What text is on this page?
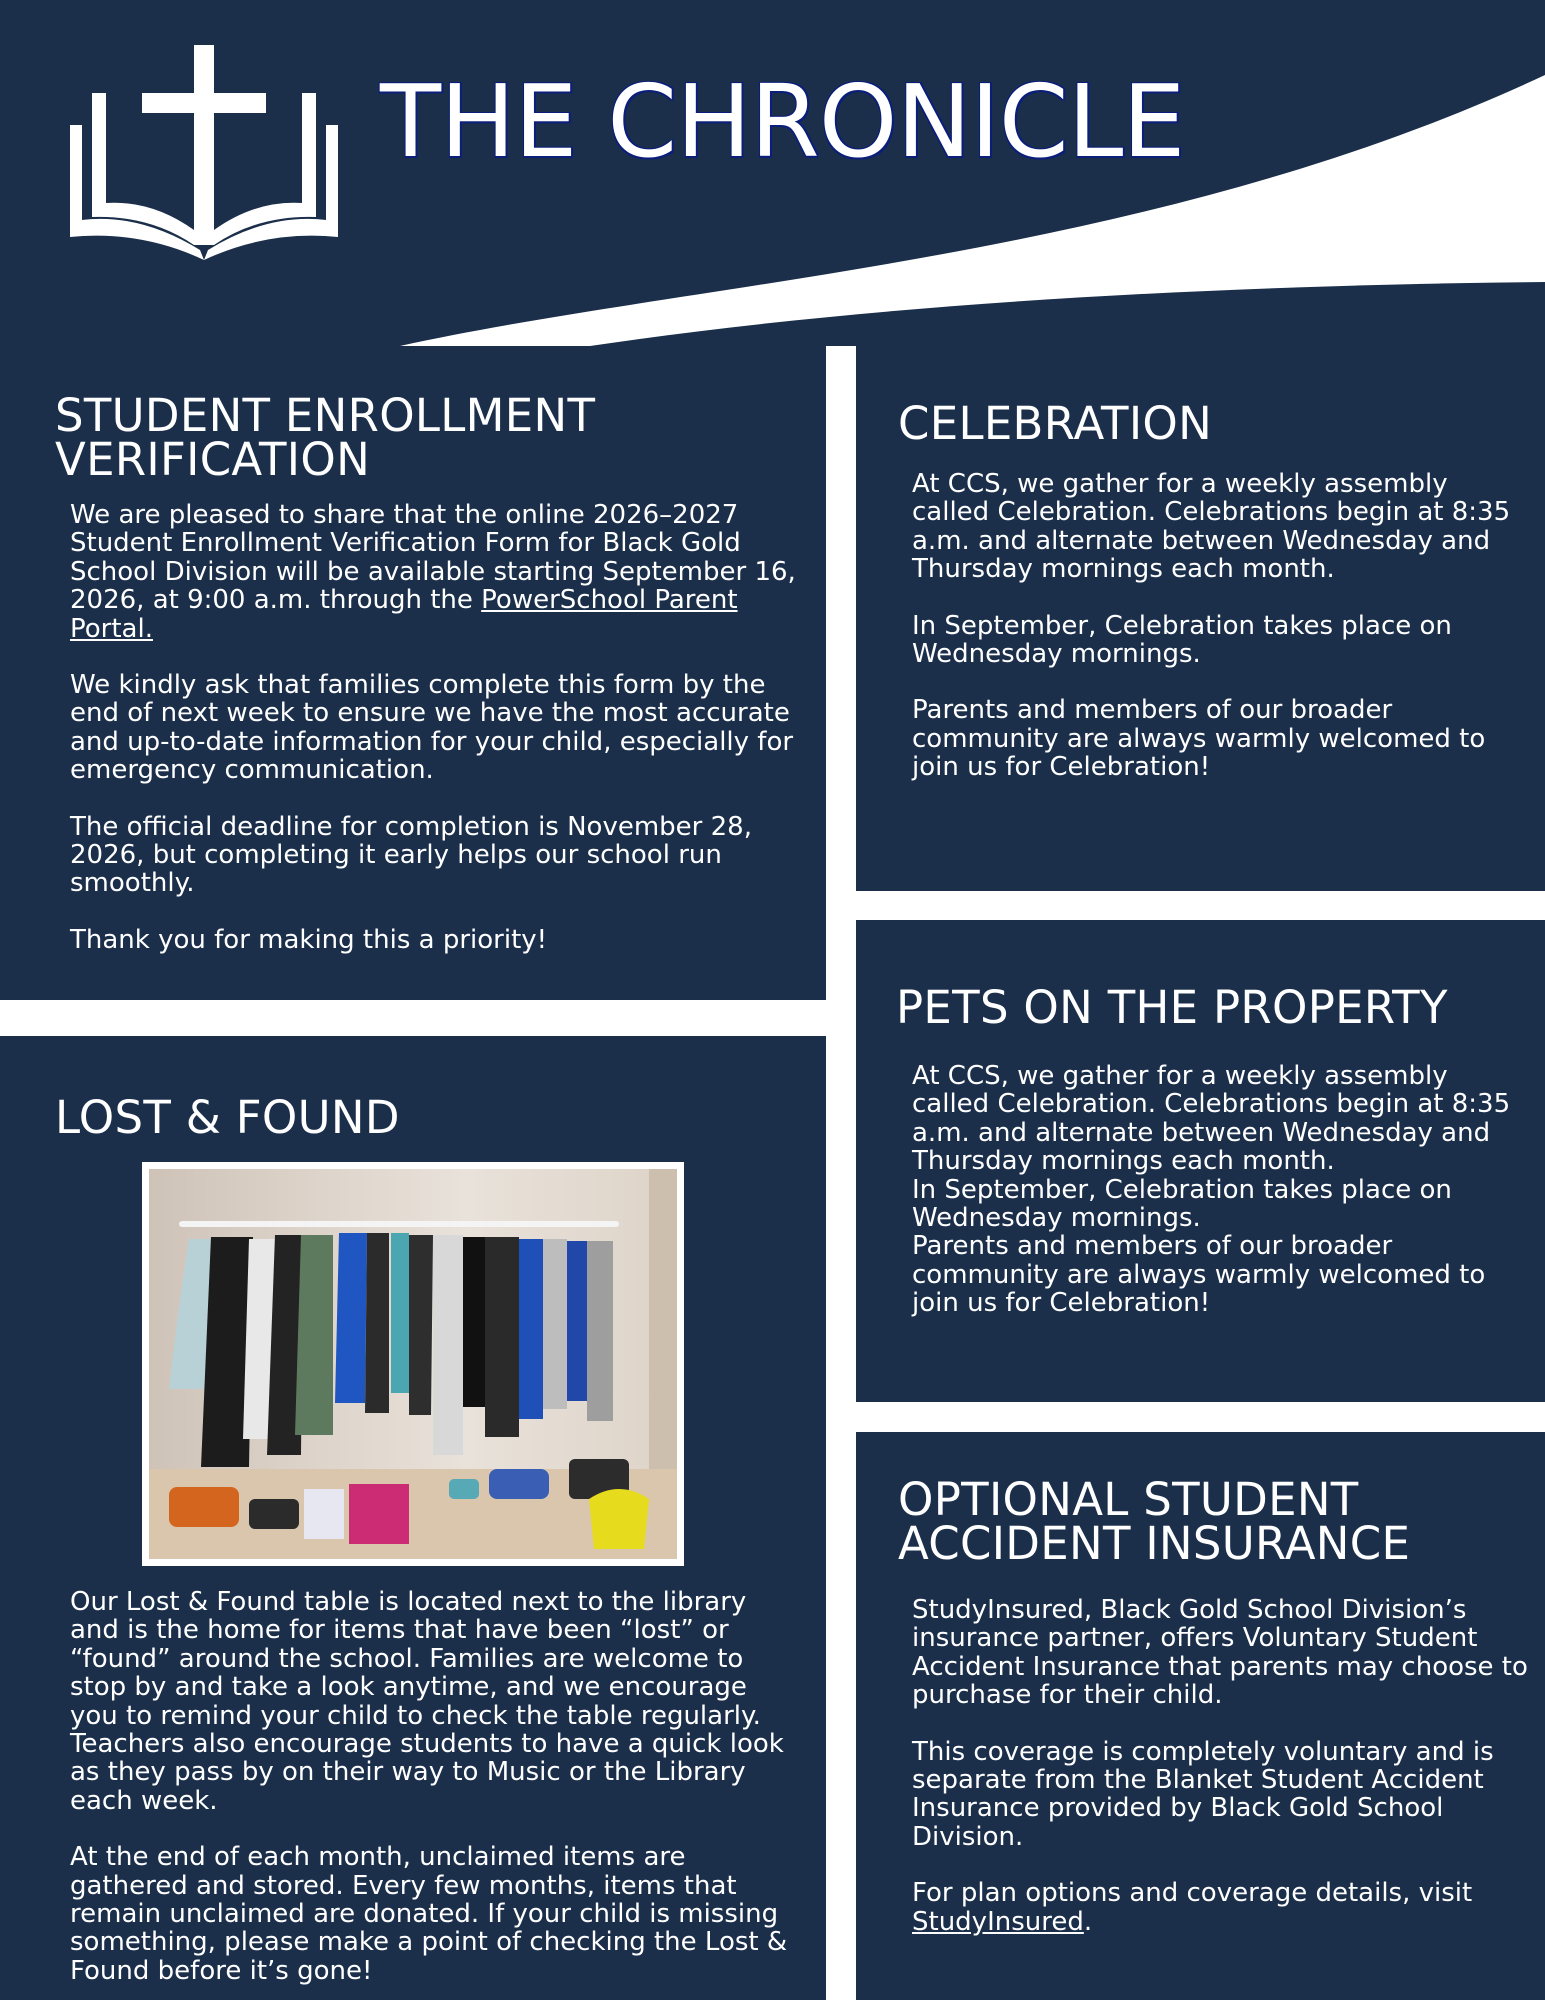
THE CHRONICLE
STUDENT ENROLLMENT VERIFICATION

We are pleased to share that the online 2026–2027 Student Enrollment Verification Form for Black Gold School Division will be available starting September 16, 2026, at 9:00 a.m. through the PowerSchool Parent Portal.

We kindly ask that families complete this form by the end of next week to ensure we have the most accurate and up-to-date information for your child, especially for emergency communication.

The official deadline for completion is November 28, 2026, but completing it early helps our school run smoothly.

Thank you for making this a priority!

LOST & FOUND

Our Lost & Found table is located next to the library and is the home for items that have been “lost” or “found” around the school. Families are welcome to stop by and take a look anytime, and we encourage you to remind your child to check the table regularly. Teachers also encourage students to have a quick look as they pass by on their way to Music or the Library each week.

At the end of each month, unclaimed items are gathered and stored. Every few months, items that remain unclaimed are donated. If your child is missing something, please make a point of checking the Lost & Found before it’s gone!

CELEBRATION

At CCS, we gather for a weekly assembly called Celebration. Celebrations begin at 8:35 a.m. and alternate between Wednesday and Thursday mornings each month.

In September, Celebration takes place on Wednesday mornings.

Parents and members of our broader community are always warmly welcomed to join us for Celebration!

PETS ON THE PROPERTY

At CCS, we gather for a weekly assembly called Celebration. Celebrations begin at 8:35 a.m. and alternate between Wednesday and Thursday mornings each month.

In September, Celebration takes place on Wednesday mornings.

Parents and members of our broader community are always warmly welcomed to join us for Celebration!

OPTIONAL STUDENT ACCIDENT INSURANCE

StudyInsured, Black Gold School Division’s insurance partner, offers Voluntary Student Accident Insurance that parents may choose to purchase for their child.

This coverage is completely voluntary and is separate from the Blanket Student Accident Insurance provided by Black Gold School Division.

For plan options and coverage details, visit StudyInsured.
